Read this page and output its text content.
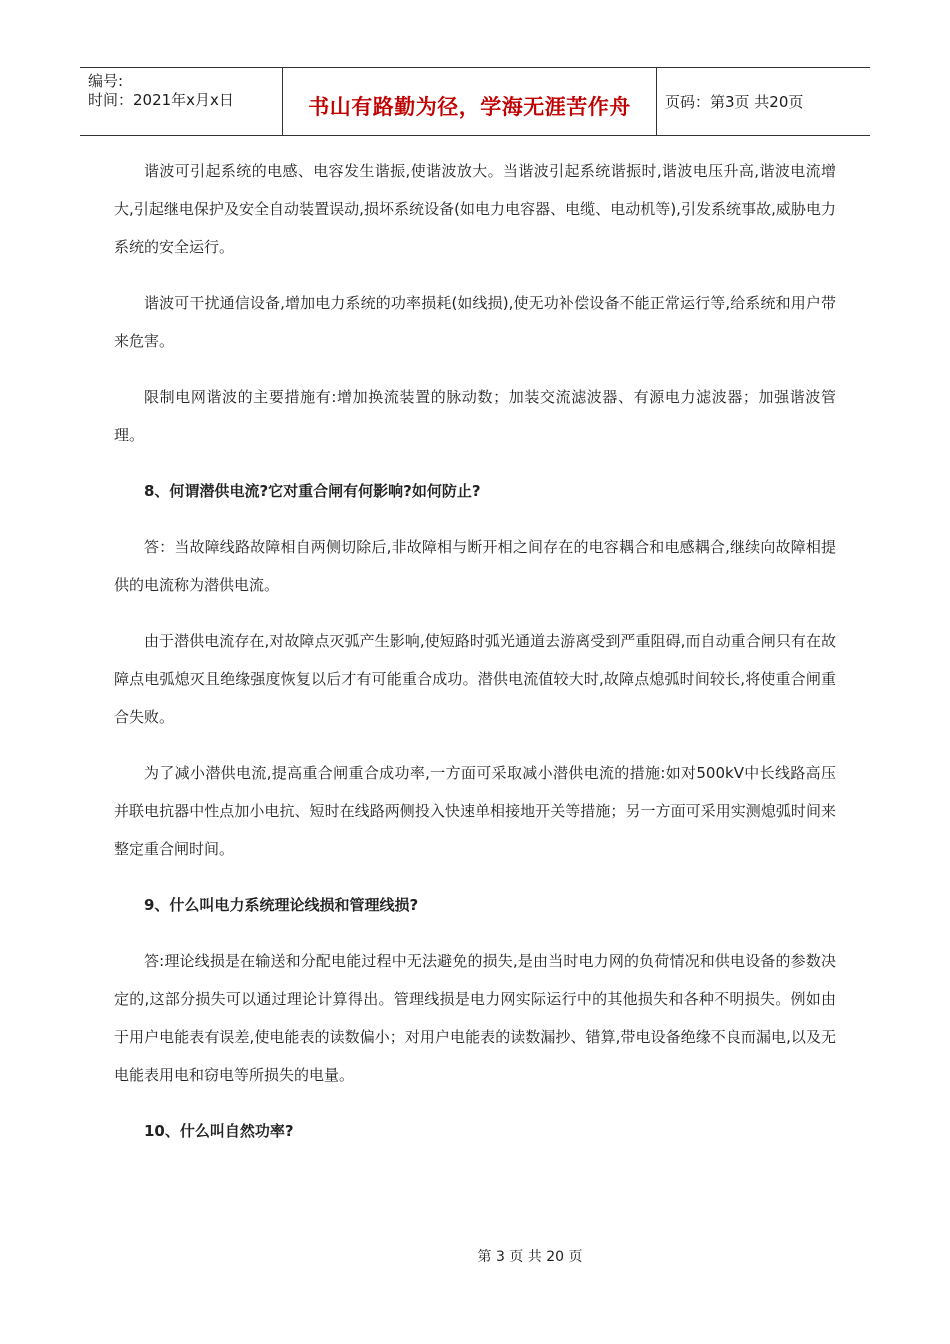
编号:
时间：2021年x月x日	书山有路勤为径，学海无涯苦作舟 页码：第3页 共20页

谐波可引起系统的电感、电容发生谐振,使谐波放大。当谐波引起系统谐振时,谐波电压升高,谐波电流增大,引起继电保护及安全自动装置误动,损坏系统设备(如电力电容器、电缆、电动机等),引发系统事故,威胁电力系统的安全运行。

谐波可干扰通信设备,增加电力系统的功率损耗(如线损),使无功补偿设备不能正常运行等,给系统和用户带来危害。

限制电网谐波的主要措施有:增加换流装置的脉动数；加装交流滤波器、有源电力滤波器；加强谐波管理。

8、何谓潜供电流?它对重合闸有何影响?如何防止?

答：当故障线路故障相自两侧切除后,非故障相与断开相之间存在的电容耦合和电感耦合,继续向故障相提供的电流称为潜供电流。

由于潜供电流存在,对故障点灭弧产生影响,使短路时弧光通道去游离受到严重阻碍,而自动重合闸只有在故障点电弧熄灭且绝缘强度恢复以后才有可能重合成功。潜供电流值较大时,故障点熄弧时间较长,将使重合闸重合失败。

为了减小潜供电流,提高重合闸重合成功率,一方面可采取减小潜供电流的措施:如对500kV中长线路高压并联电抗器中性点加小电抗、短时在线路两侧投入快速单相接地开关等措施；另一方面可采用实测熄弧时间来整定重合闸时间。

9、什么叫电力系统理论线损和管理线损?

答:理论线损是在输送和分配电能过程中无法避免的损失,是由当时电力网的负荷情况和供电设备的参数决定的,这部分损失可以通过理论计算得出。管理线损是电力网实际运行中的其他损失和各种不明损失。例如由于用户电能表有误差,使电能表的读数偏小；对用户电能表的读数漏抄、错算,带电设备绝缘不良而漏电,以及无电能表用电和窃电等所损失的电量。

10、什么叫自然功率?

第 3 页 共 20 页
